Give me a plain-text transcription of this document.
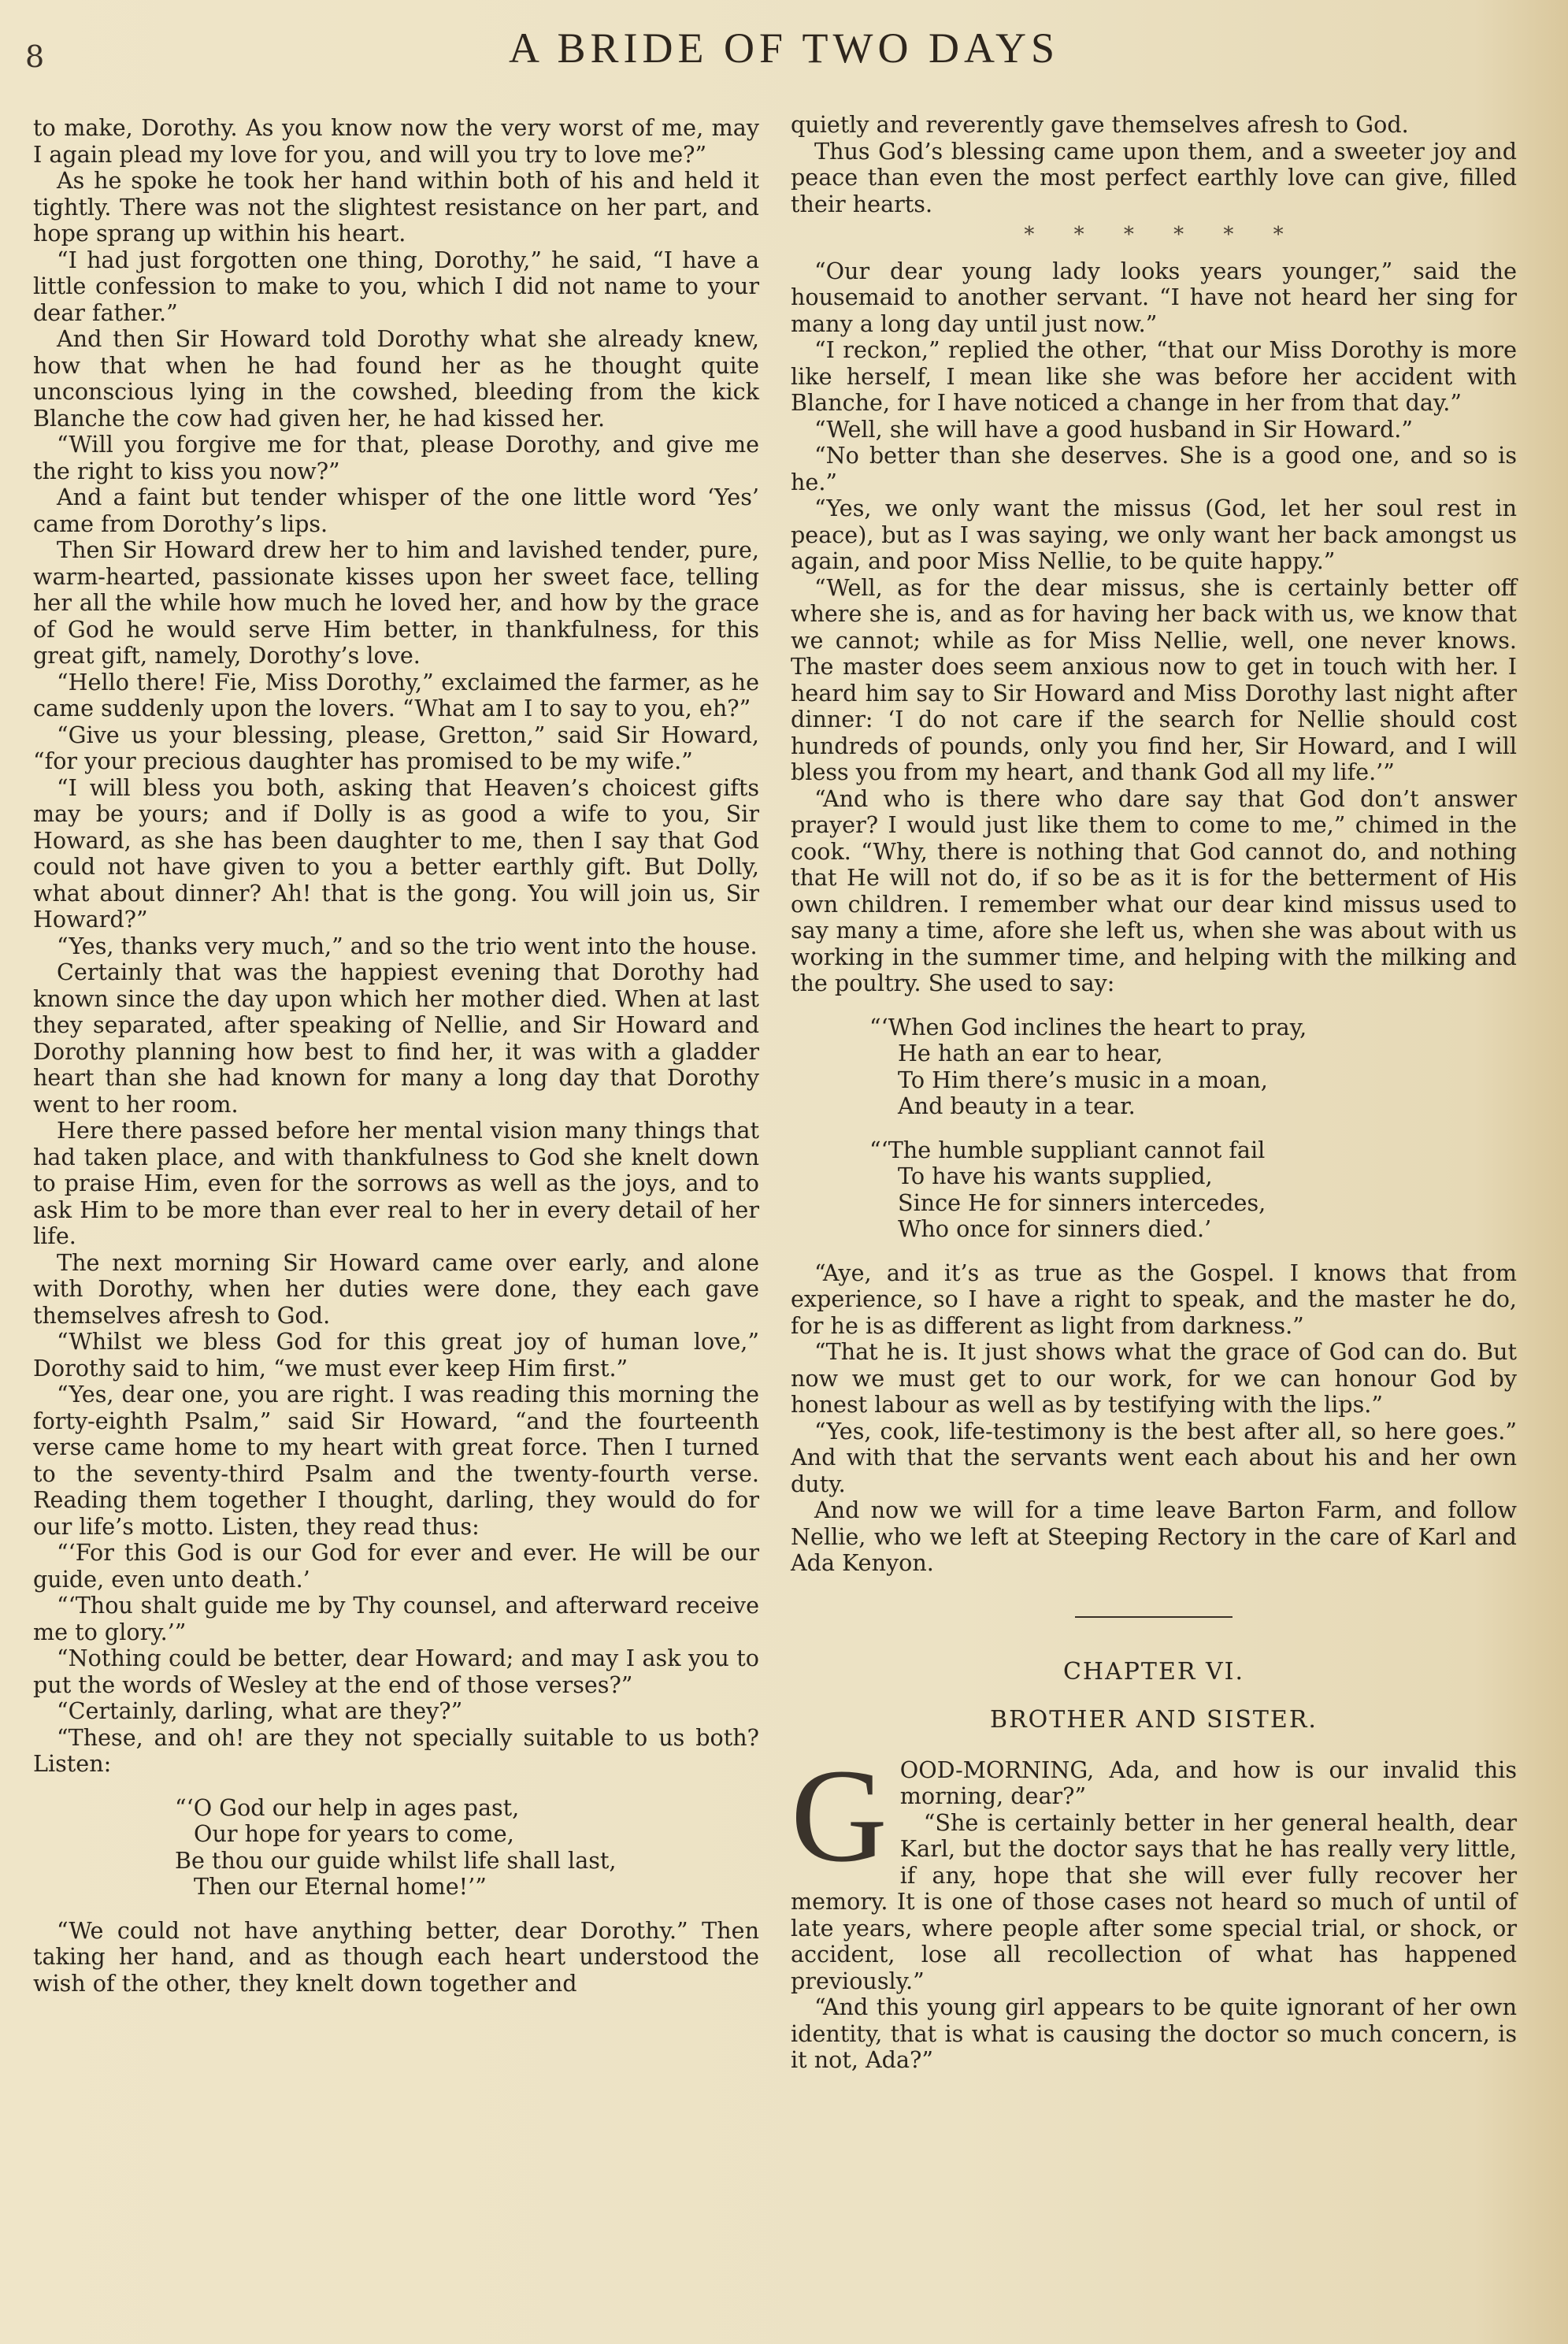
8	A BRIDE OF TWO DAYS

to make, Dorothy. As you know now the very worst of me, may I again plead my love for you, and will you try to love me?”

As he spoke he took her hand within both of his and held it tightly. There was not the slightest resistance on her part, and hope sprang up within his heart.

“I had just forgotten one thing, Dorothy,” he said, “I have a little confession to make to you, which I did not name to your dear father.”

And then Sir Howard told Dorothy what she already knew, how that when he had found her as he thought quite unconscious lying in the cowshed, bleeding from the kick Blanche the cow had given her, he had kissed her.

“Will you forgive me for that, please Dorothy, and give me the right to kiss you now?”

And a faint but tender whisper of the one little word ‘Yes’ came from Dorothy’s lips.

Then Sir Howard drew her to him and lavished tender, pure, warm-hearted, passionate kisses upon her sweet face, telling her all the while how much he loved her, and how by the grace of God he would serve Him better, in thankfulness, for this great gift, namely, Dorothy’s love.

“Hello there! Fie, Miss Dorothy,” exclaimed the farmer, as he came suddenly upon the lovers. “What am I to say to you, eh?”

“Give us your blessing, please, Gretton,” said Sir Howard, “for your precious daughter has promised to be my wife.”

“I will bless you both, asking that Heaven’s choicest gifts may be yours; and if Dolly is as good a wife to you, Sir Howard, as she has been daughter to me, then I say that God could not have given to you a better earthly gift. But Dolly, what about dinner? Ah! that is the gong. You will join us, Sir Howard?”

“Yes, thanks very much,” and so the trio went into the house.

Certainly that was the happiest evening that Dorothy had known since the day upon which her mother died. When at last they separated, after speaking of Nellie, and Sir Howard and Dorothy planning how best to find her, it was with a gladder heart than she had known for many a long day that Dorothy went to her room.

Here there passed before her mental vision many things that had taken place, and with thankfulness to God she knelt down to praise Him, even for the sorrows as well as the joys, and to ask Him to be more than ever real to her in every detail of her life.

The next morning Sir Howard came over early, and alone with Dorothy, when her duties were done, they each gave themselves afresh to God.

“Whilst we bless God for this great joy of human love,” Dorothy said to him, “we must ever keep Him first.”

“Yes, dear one, you are right. I was reading this morning the forty-eighth Psalm,” said Sir Howard, “and the fourteenth verse came home to my heart with great force. Then I turned to the seventy-third Psalm and the twenty-fourth verse. Reading them together I thought, darling, they would do for our life’s motto. Listen, they read thus:

“‘For this God is our God for ever and ever. He will be our guide, even unto death.’

“‘Thou shalt guide me by Thy counsel, and afterward receive me to glory.’”

“Nothing could be better, dear Howard; and may I ask you to put the words of Wesley at the end of those verses?”

“Certainly, darling, what are they?”

“These, and oh! are they not specially suitable to us both? Listen:

“‘O God our help in ages past,
Our hope for years to come,
Be thou our guide whilst life shall last,
Then our Eternal home!’”

“We could not have anything better, dear Dorothy.” Then taking her hand, and as though each heart understood the wish of the other, they knelt down together and

quietly and reverently gave themselves afresh to God.

Thus God’s blessing came upon them, and a sweeter joy and peace than even the most perfect earthly love can give, filled their hearts.

* * * * * *

“Our dear young lady looks years younger,” said the housemaid to another servant. “I have not heard her sing for many a long day until just now.”

“I reckon,” replied the other, “that our Miss Dorothy is more like herself, I mean like she was before her accident with Blanche, for I have noticed a change in her from that day.”

“Well, she will have a good husband in Sir Howard.”

“No better than she deserves. She is a good one, and so is he.”

“Yes, we only want the missus (God, let her soul rest in peace), but as I was saying, we only want her back amongst us again, and poor Miss Nellie, to be quite happy.”

“Well, as for the dear missus, she is certainly better off where she is, and as for having her back with us, we know that we cannot; while as for Miss Nellie, well, one never knows. The master does seem anxious now to get in touch with her. I heard him say to Sir Howard and Miss Dorothy last night after dinner: ‘I do not care if the search for Nellie should cost hundreds of pounds, only you find her, Sir Howard, and I will bless you from my heart, and thank God all my life.’”

“And who is there who dare say that God don’t answer prayer? I would just like them to come to me,” chimed in the cook. “Why, there is nothing that God cannot do, and nothing that He will not do, if so be as it is for the betterment of His own children. I remember what our dear kind missus used to say many a time, afore she left us, when she was about with us working in the summer time, and helping with the milking and the poultry. She used to say:

“‘When God inclines the heart to pray,
He hath an ear to hear,
To Him there’s music in a moan,
And beauty in a tear.
“‘The humble suppliant cannot fail
To have his wants supplied,
Since He for sinners intercedes,
Who once for sinners died.’

“Aye, and it’s as true as the Gospel. I knows that from experience, so I have a right to speak, and the master he do, for he is as different as light from darkness.”

“That he is. It just shows what the grace of God can do. But now we must get to our work, for we can honour God by honest labour as well as by testifying with the lips.”

“Yes, cook, life-testimony is the best after all, so here goes.” And with that the servants went each about his and her own duty.

And now we will for a time leave Barton Farm, and follow Nellie, who we left at Steeping Rectory in the care of Karl and Ada Kenyon.

CHAPTER VI.
BROTHER AND SISTER.
G OOD-MORNING, Ada, and how is our invalid this morning, dear?”

“She is certainly better in her general health, dear Karl, but the doctor says that he has really very little, if any, hope that she will ever fully recover her memory. It is one of those cases not heard so much of until of late years, where people after some special trial, or shock, or accident, lose all recollection of what has happened previously.”

“And this young girl appears to be quite ignorant of her own identity, that is what is causing the doctor so much concern, is it not, Ada?”
